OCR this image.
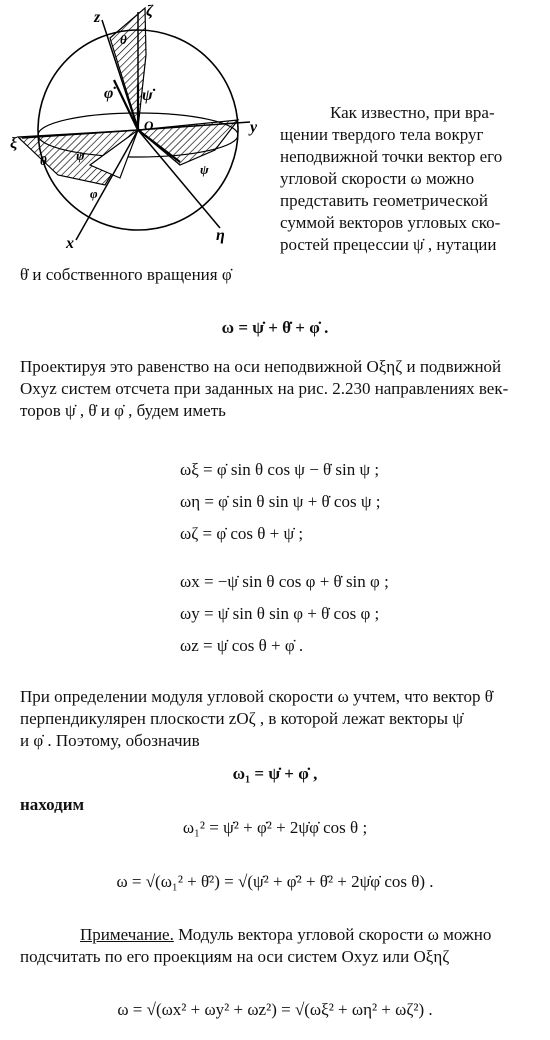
z	ζ
θ
φ̇ ψ̇
O	y
ξ
θ ψ
φ
ψ
η
x
Как известно, при вра-
щении твердого тела вокруг
неподвижной точки вектор его
угловой скорости ω можно
представить геометрической
суммой векторов угловых ско-
ростей прецессии ψ̇ , нутации
θ̇ и собственного вращения φ̇
ω = ψ̇ + θ̇ + φ̇ .
Проектируя это равенство на оси неподвижной Oξηζ и подвижной
Oxyz систем отсчета при заданных на рис. 2.230 направлениях век-
торов ψ̇ , θ̇ и φ̇ , будем иметь
ωξ = φ̇ sin θ cos ψ − θ̇ sin ψ ;
ωη = φ̇ sin θ sin ψ + θ̇ cos ψ ;
ωζ = φ̇ cos θ + ψ̇ ;
ωx = −ψ̇ sin θ cos φ + θ̇ sin φ ;
ωy = ψ̇ sin θ sin φ + θ̇ cos φ ;
ωz = ψ̇ cos θ + φ̇ .
При определении модуля угловой скорости ω учтем, что вектор θ̇
перпендикулярен плоскости zOζ , в которой лежат векторы ψ̇
и φ̇ . Поэтому, обозначив
ω₁ = ψ̇ + φ̇ ,
находим
ω₁² = ψ̇² + φ̇² + 2ψ̇φ̇ cos θ ;
ω = √(ω₁² + θ̇²) = √(ψ̇² + φ̇² + θ̇² + 2ψ̇φ̇ cos θ) .
Примечание. Модуль вектора угловой скорости ω можно
подсчитать по его проекциям на оси систем Oxyz или Oξηζ
ω = √(ωx² + ωy² + ωz²) = √(ωξ² + ωη² + ωζ²) .
